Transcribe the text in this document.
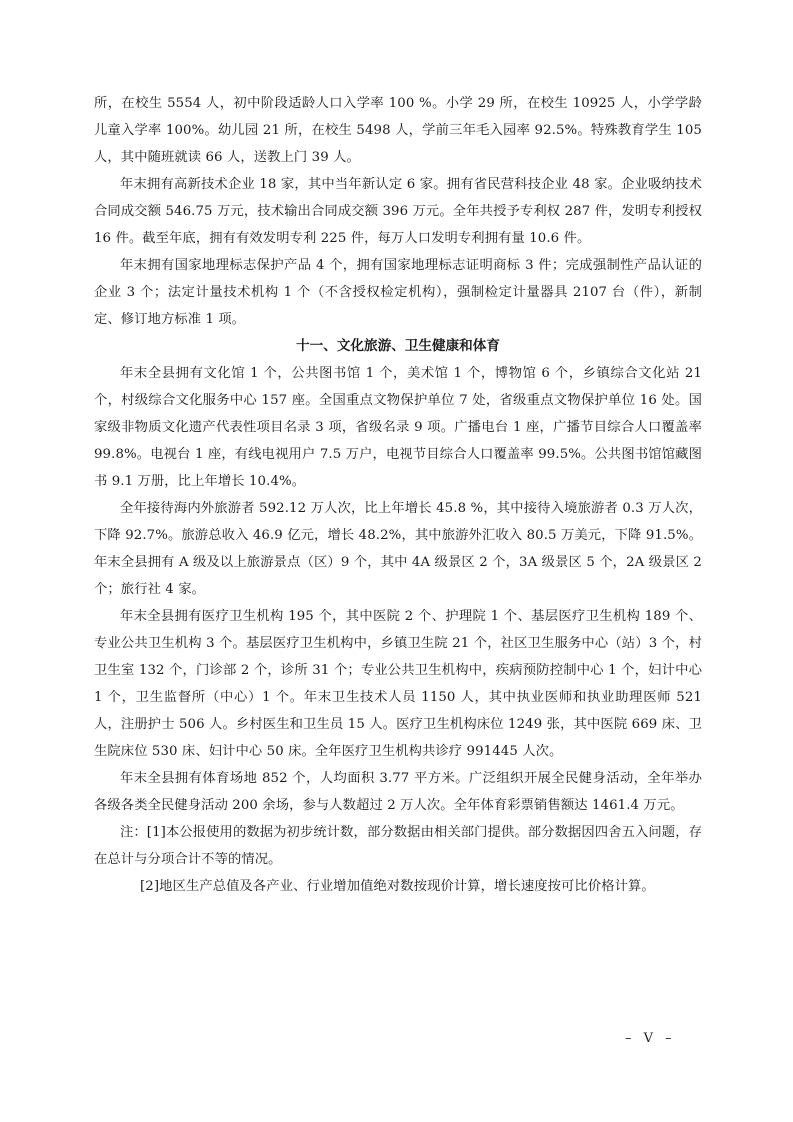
所，在校生 5554 人，初中阶段适龄人口入学率 100 %。小学 29 所，在校生 10925 人，小学学龄儿童入学率 100%。幼儿园 21 所，在校生 5498 人，学前三年毛入园率 92.5%。特殊教育学生 105 人，其中随班就读 66 人，送教上门 39 人。

年末拥有高新技术企业 18 家，其中当年新认定 6 家。拥有省民营科技企业 48 家。企业吸纳技术合同成交额 546.75 万元，技术输出合同成交额 396 万元。全年共授予专利权 287 件，发明专利授权 16 件。截至年底，拥有有效发明专利 225 件，每万人口发明专利拥有量 10.6 件。

年末拥有国家地理标志保护产品 4 个，拥有国家地理标志证明商标 3 件；完成强制性产品认证的企业 3 个；法定计量技术机构 1 个（不含授权检定机构），强制检定计量器具 2107 台（件），新制定、修订地方标准 1 项。

十一、文化旅游、卫生健康和体育

年末全县拥有文化馆 1 个，公共图书馆 1 个，美术馆 1 个，博物馆 6 个，乡镇综合文化站 21 个，村级综合文化服务中心 157 座。全国重点文物保护单位 7 处，省级重点文物保护单位 16 处。国家级非物质文化遗产代表性项目名录 3 项，省级名录 9 项。广播电台 1 座，广播节目综合人口覆盖率 99.8%。电视台 1 座，有线电视用户 7.5 万户，电视节目综合人口覆盖率 99.5%。公共图书馆馆藏图书 9.1 万册，比上年增长 10.4%。

全年接待海内外旅游者 592.12 万人次，比上年增长 45.8 %，其中接待入境旅游者 0.3 万人次，下降 92.7%。旅游总收入 46.9 亿元，增长 48.2%，其中旅游外汇收入 80.5 万美元，下降 91.5%。年末全县拥有 A 级及以上旅游景点（区）9 个，其中 4A 级景区 2 个，3A 级景区 5 个，2A 级景区 2 个；旅行社 4 家。

年末全县拥有医疗卫生机构 195 个，其中医院 2 个、护理院 1 个、基层医疗卫生机构 189 个、专业公共卫生机构 3 个。基层医疗卫生机构中，乡镇卫生院 21 个，社区卫生服务中心（站）3 个，村卫生室 132 个，门诊部 2 个，诊所 31 个；专业公共卫生机构中，疾病预防控制中心 1 个，妇计中心 1 个，卫生监督所（中心）1 个。年末卫生技术人员 1150 人，其中执业医师和执业助理医师 521 人，注册护士 506 人。乡村医生和卫生员 15 人。医疗卫生机构床位 1249 张，其中医院 669 床、卫生院床位 530 床、妇计中心 50 床。全年医疗卫生机构共诊疗 991445 人次。

年末全县拥有体育场地 852 个，人均面积 3.77 平方米。广泛组织开展全民健身活动，全年举办各级各类全民健身活动 200 余场，参与人数超过 2 万人次。全年体育彩票销售额达 1461.4 万元。

注：[1]本公报使用的数据为初步统计数，部分数据由相关部门提供。部分数据因四舍五入问题，存在总计与分项合计不等的情况。

[2]地区生产总值及各产业、行业增加值绝对数按现价计算，增长速度按可比价格计算。

– V –
